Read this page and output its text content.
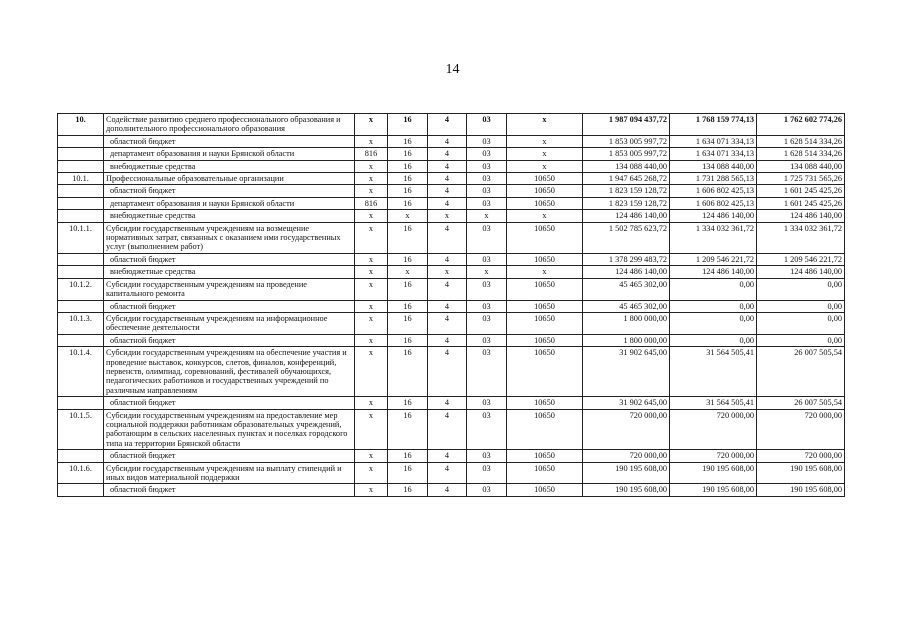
14
10.	Содействие развитию среднего профессионального образования и дополнительного профессионального образования	х	16	4	03	х	1 987 094 437,72	1 768 159 774,13	1 762 602 774,26
	областной бюджет	х	16	4	03	х	1 853 005 997,72	1 634 071 334,13	1 628 514 334,26
	департамент образования и науки Брянской области	816	16	4	03	х	1 853 005 997,72	1 634 071 334,13	1 628 514 334,26
	внебюджетные средства	х	16	4	03	х	134 088 440,00	134 088 440,00	134 088 440,00
10.1.	Профессиональные образовательные организации	х	16	4	03	10650	1 947 645 268,72	1 731 288 565,13	1 725 731 565,26
	областной бюджет	х	16	4	03	10650	1 823 159 128,72	1 606 802 425,13	1 601 245 425,26
	департамент образования и науки Брянской области	816	16	4	03	10650	1 823 159 128,72	1 606 802 425,13	1 601 245 425,26
	внебюджетные средства	х	х	х	х	х	124 486 140,00	124 486 140,00	124 486 140,00
10.1.1.	Субсидии государственным учреждениям на возмещение нормативных затрат, связанных с оказанием ими государственных услуг (выполнением работ)	х	16	4	03	10650	1 502 785 623,72	1 334 032 361,72	1 334 032 361,72
	областной бюджет	х	16	4	03	10650	1 378 299 483,72	1 209 546 221,72	1 209 546 221,72
	внебюджетные средства	х	х	х	х	х	124 486 140,00	124 486 140,00	124 486 140,00
10.1.2.	Субсидии государственным учреждениям на проведение капитального ремонта	х	16	4	03	10650	45 465 302,00	0,00	0,00
	областной бюджет	х	16	4	03	10650	45 465 302,00	0,00	0,00
10.1.3.	Субсидии государственным учреждениям на информационное обеспечение деятельности	х	16	4	03	10650	1 800 000,00	0,00	0,00
	областной бюджет	х	16	4	03	10650	1 800 000,00	0,00	0,00
10.1.4.	Субсидии государственным учреждениям на обеспечение участия и проведение выставок, конкурсов, слетов, финалов, конференций, первенств, олимпиад, соревнований, фестивалей обучающихся, педагогических работников и государственных учреждений по различным направлениям	х	16	4	03	10650	31 902 645,00	31 564 505,41	26 007 505,54
	областной бюджет	х	16	4	03	10650	31 902 645,00	31 564 505,41	26 007 505,54
10.1.5.	Субсидии государственным учреждениям на предоставление мер социальной поддержки работникам образовательных учреждений, работающим в сельских населенных пунктах и поселках городского типа на территории Брянской области	х	16	4	03	10650	720 000,00	720 000,00	720 000,00
	областной бюджет	х	16	4	03	10650	720 000,00	720 000,00	720 000,00
10.1.6.	Субсидии государственным учреждениям на выплату стипендий и иных видов материальной поддержки	х	16	4	03	10650	190 195 608,00	190 195 608,00	190 195 608,00
	областной бюджет	х	16	4	03	10650	190 195 608,00	190 195 608,00	190 195 608,00
